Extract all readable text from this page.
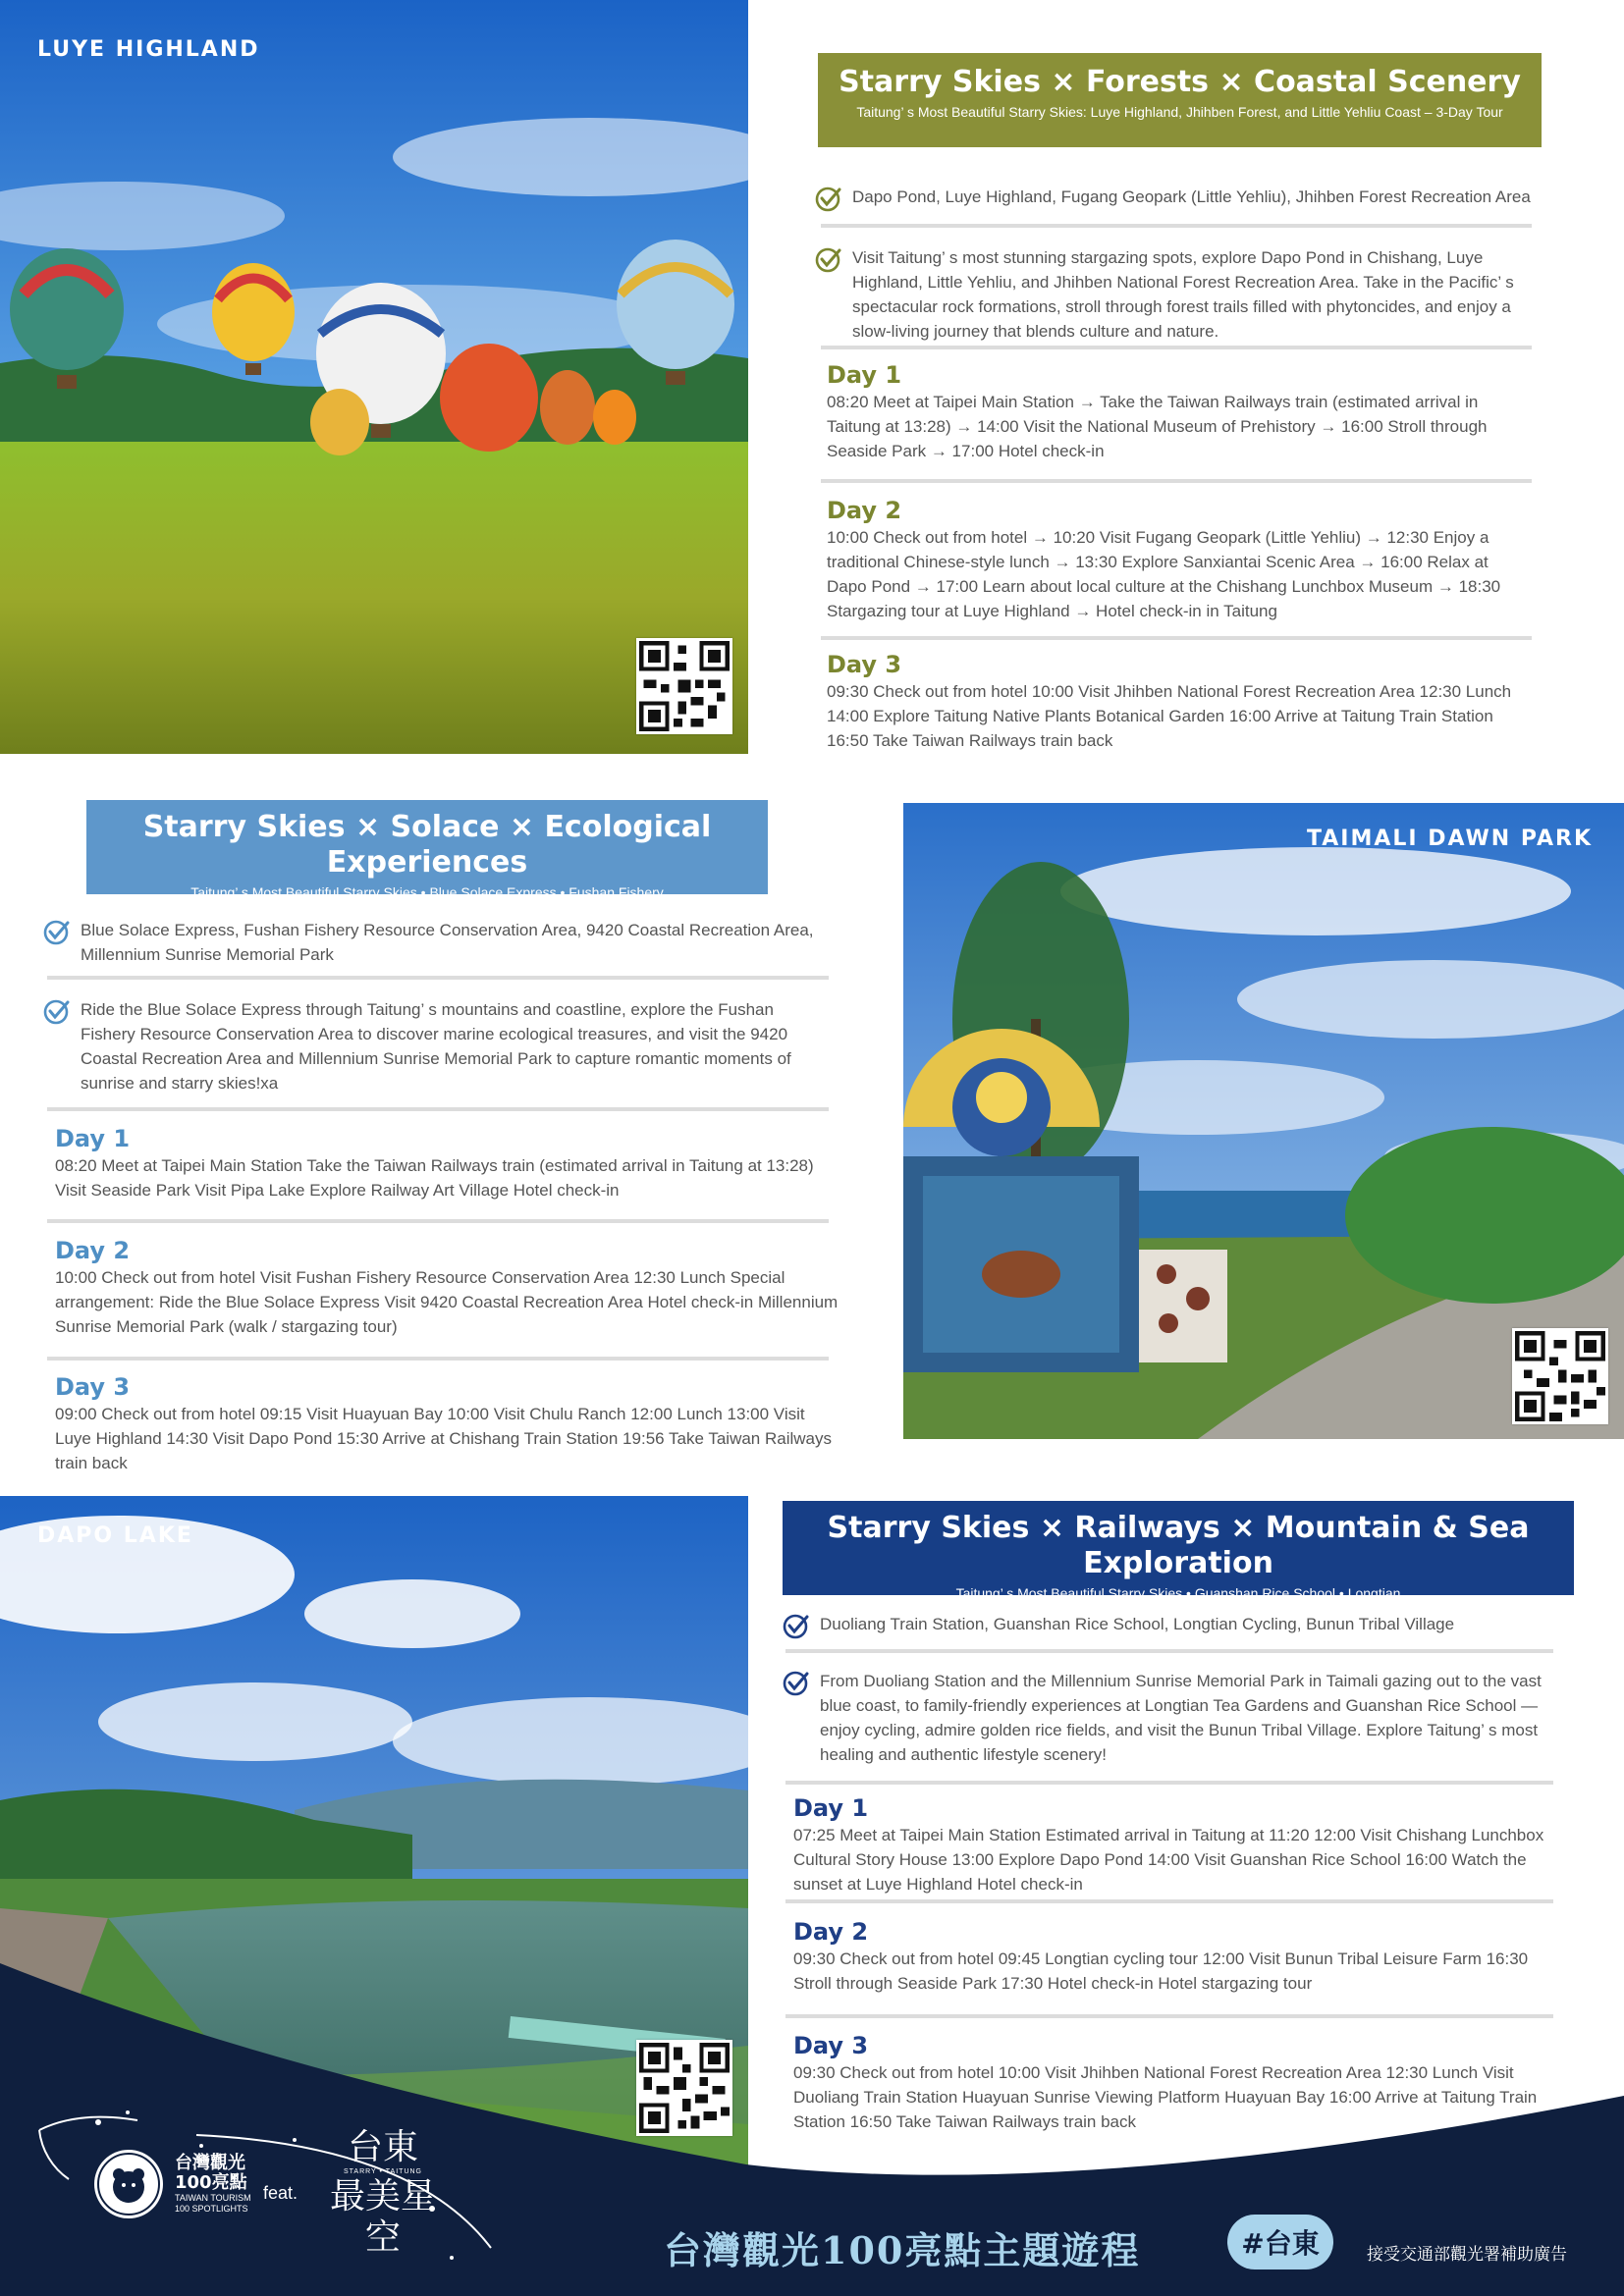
LUYE HIGHLAND
Starry Skies × Forests × Coastal Scenery
Taitung’ s Most Beautiful Starry Skies: Luye Highland, Jhihben Forest, and Little Yehliu Coast – 3-Day Tour
Dapo Pond, Luye Highland, Fugang Geopark (Little Yehliu), Jhihben Forest Recreation Area
Visit Taitung’ s most stunning stargazing spots, explore Dapo Pond in Chishang, Luye Highland, Little Yehliu, and Jhihben National Forest Recreation Area. Take in the Pacific’ s spectacular rock formations, stroll through forest trails filled with phytoncides, and enjoy a slow-living journey that blends culture and nature.
Day 1
08:20 Meet at Taipei Main Station → Take the Taiwan Railways train (estimated arrival in Taitung at 13:28) → 14:00 Visit the National Museum of Prehistory → 16:00 Stroll through Seaside Park → 17:00 Hotel check-in
Day 2
10:00 Check out from hotel → 10:20 Visit Fugang Geopark (Little Yehliu) → 12:30 Enjoy a traditional Chinese-style lunch → 13:30 Explore Sanxiantai Scenic Area → 16:00 Relax at Dapo Pond → 17:00 Learn about local culture at the Chishang Lunchbox Museum → 18:30 Stargazing tour at Luye Highland → Hotel check-in in Taitung
Day 3
09:30 Check out from hotel 10:00 Visit Jhihben National Forest Recreation Area 12:30 Lunch 14:00 Explore Taitung Native Plants Botanical Garden 16:00 Arrive at Taitung Train Station 16:50 Take Taiwan Railways train back
Starry Skies × Solace × Ecological Experiences
Taitung’ s Most Beautiful Starry Skies • Blue Solace Express • Fushan Fishery Conservation • Huayuan Bay • Dapo Pond — 3-Day Tour
Blue Solace Express, Fushan Fishery Resource Conservation Area, 9420 Coastal Recreation Area, Millennium Sunrise Memorial Park
Ride the Blue Solace Express through Taitung’ s mountains and coastline, explore the Fushan Fishery Resource Conservation Area to discover marine ecological treasures, and visit the 9420 Coastal Recreation Area and Millennium Sunrise Memorial Park to capture romantic moments of sunrise and starry skies!xa
Day 1
08:20 Meet at Taipei Main Station Take the Taiwan Railways train (estimated arrival in Taitung at 13:28) Visit Seaside Park Visit Pipa Lake Explore Railway Art Village Hotel check-in
Day 2
10:00 Check out from hotel Visit Fushan Fishery Resource Conservation Area 12:30 Lunch Special arrangement: Ride the Blue Solace Express Visit 9420 Coastal Recreation Area Hotel check-in Millennium Sunrise Memorial Park (walk / stargazing tour)
Day 3
09:00 Check out from hotel 09:15 Visit Huayuan Bay 10:00 Visit Chulu Ranch 12:00 Lunch 13:00 Visit Luye Highland 14:30 Visit Dapo Pond 15:30 Arrive at Chishang Train Station 19:56 Take Taiwan Railways train back
TAIMALI DAWN PARK
DAPO LAKE	Starry Skies × Railways × Mountain & Sea Exploration
Taitung’ s Most Beautiful Starry Skies • Guanshan Rice School • Longtian Leisure Walk • Duoliang Station • Taimali Coast – 3-Day Tour
Duoliang Train Station, Guanshan Rice School, Longtian Cycling, Bunun Tribal Village
From Duoliang Station and the Millennium Sunrise Memorial Park in Taimali gazing out to the vast blue coast, to family-friendly experiences at Longtian Tea Gardens and Guanshan Rice School — enjoy cycling, admire golden rice fields, and visit the Bunun Tribal Village. Explore Taitung’ s most healing and authentic lifestyle scenery!
Day 1
07:25 Meet at Taipei Main Station Estimated arrival in Taitung at 11:20 12:00 Visit Chishang Lunchbox Cultural Story House 13:00 Explore Dapo Pond 14:00 Visit Guanshan Rice School 16:00 Watch the sunset at Luye Highland Hotel check-in
Day 2
09:30 Check out from hotel 09:45 Longtian cycling tour 12:00 Visit Bunun Tribal Leisure Farm 16:30 Stroll through Seaside Park 17:30 Hotel check-in Hotel stargazing tour
Day 3
09:30 Check out from hotel 10:00 Visit Jhihben National Forest Recreation Area 12:30 Lunch Visit Duoliang Train Station Huayuan Sunrise Viewing Platform Huayuan Bay 16:00 Arrive at Taitung Train Station 16:50 Take Taiwan Railways train back
台灣觀光
100亮點
TAIWAN TOURISM
100 SPOTLIGHTS
feat.
台東
STARRY • TAITUNG
最美星空	台灣觀光100亮點主題遊程	#台東	接受交通部觀光署補助廣告
